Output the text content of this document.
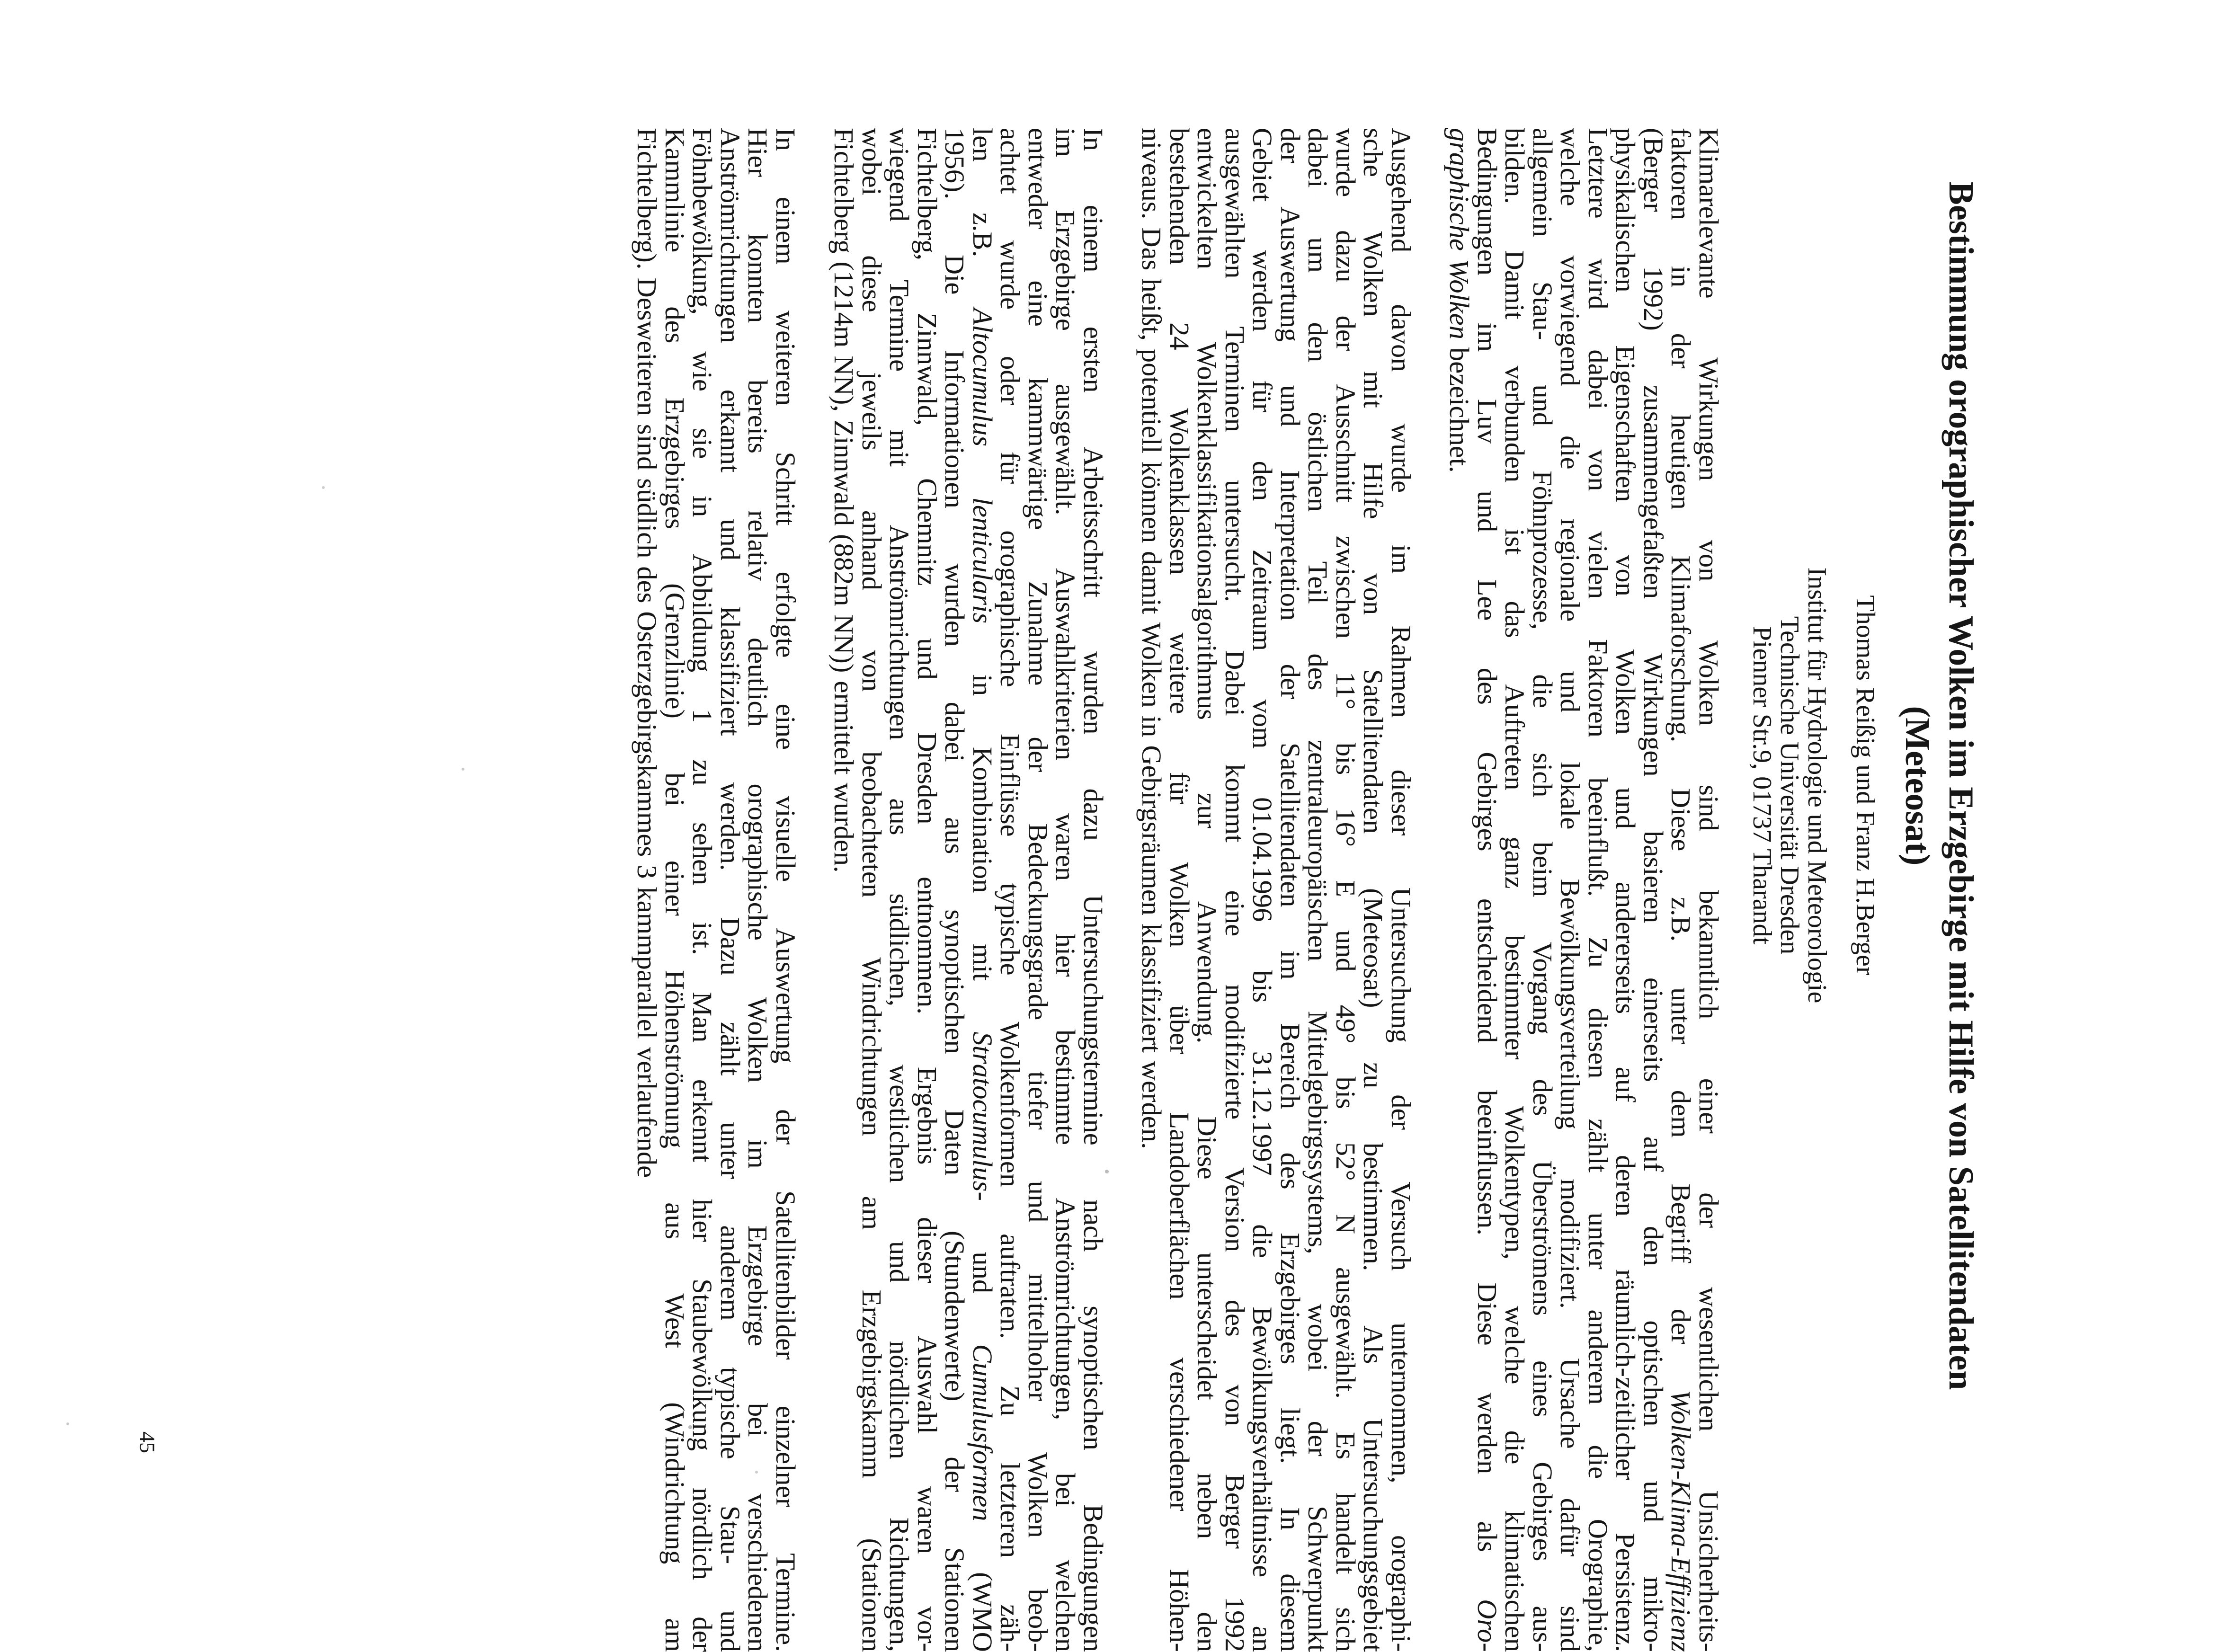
Bestimmung orographischer Wolken im Erzgebirge mit Hilfe von Satellitendaten (Meteosat)

Thomas Reißig und Franz H.Berger

Institut für Hydrologie und Meteorologie
Technische Universität Dresden
Pienner Str.9, 01737 Tharandt
Klimarelevante
Wirkungen
von
Wolken
sind
bekanntlich
einer
der
wesentlichen
Unsicherheits-
faktoren
in
der
heutigen
Klimaforschung.
Diese
z.B.
unter
dem
Begriff
der
Wolken-Klima-Effizienz
(Berger
1992)
zusammengefaßten
Wirkungen
basieren
einerseits
auf
den
optischen
und
mikro-
physikalischen
Eigenschaften
von
Wolken
und
andererseits
auf
deren
räumlich-zeitlicher
Persistenz.
Letztere
wird
dabei
von
vielen
Faktoren
beeinflußt.
Zu
diesen
zählt
unter
anderem
die
Orographie,
welche
vorwiegend
die
regionale
und
lokale
Bewölkungsverteilung
modifiziert.
Ursache
dafür
sind
allgemein
Stau-
und
Föhnprozesse,
die
sich
beim
Vorgang
des
Überströmens
eines
Gebirges
aus-
bilden.
Damit
verbunden
ist
das
Auftreten
ganz
bestimmter
Wolkentypen,
welche
die
klimatischen
Bedingungen
im
Luv
und
Lee
des
Gebirges
entscheidend
beeinflussen.
Diese
werden
als
Oro-
graphische
Wolken
bezeichnet.
Ausgehend
davon
wurde
im
Rahmen
dieser
Untersuchung
der
Versuch
unternommen,
orographi-
sche
Wolken
mit
Hilfe
von
Satellitendaten
(Meteosat)
zu
bestimmen.
Als
Untersuchungsgebiet
wurde
dazu
der
Ausschnitt
zwischen
11°
bis
16°
E
und
49°
bis
52°
N
ausgewählt.
Es
handelt
sich
dabei
um
den
östlichen
Teil
des
zentraleuropäischen
Mittelgebirgssystems,
wobei
der
Schwerpunkt
der
Auswertung
und
Interpretation
der
Satellitendaten
im
Bereich
des
Erzgebirges
liegt.
In
diesem
Gebiet
werden
für
den
Zeitraum
vom
01.04.1996
bis
31.12.1997
die
Bewölkungsverhältnisse
an
ausgewählten
Terminen
untersucht.
Dabei
kommt
eine
modifizierte
Version
des
von
Berger
1992
entwickelten
Wolkenklassifikationsalgorithmus
zur
Anwendung.
Diese
unterscheidet
neben
den
bestehenden
24
Wolkenklassen
weitere
für
Wolken
über
Landoberflächen
verschiedener
Höhen-
niveaus.
Das
heißt,
potentiell
können
damit
Wolken
in
Gebirgsräumen
klassifiziert
werden.
In
einem
ersten
Arbeitsschritt
wurden
dazu
Untersuchungstermine
nach
synoptischen
Bedingungen
im
Erzgebirge
ausgewählt.
Auswahlkriterien
waren
hier
bestimmte
Anströmrichtungen,
bei
welchen
entweder
eine
kammwärtige
Zunahme
der
Bedeckungsgrade
tiefer
und
mittelhoher
Wolken
beob-
achtet
wurde
oder
für
orographische
Einflüsse
typische
Wolkenformen
auftraten.
Zu
letzteren
zäh-
len
z.B.
Altocumulus
lenticularis
in
Kombination
mit
Stratocumulus-
und
Cumulusformen
(WMO
1956).
Die
Informationen
wurden
dabei
aus
synoptischen
Daten
(Stundenwerte)
der
Stationen
Fichtelberg,
Zinnwald,
Chemnitz
und
Dresden
entnommen.
Ergebnis
dieser
Auswahl
waren
vor-
wiegend
Termine
mit
Anströmrichtungen
aus
südlichen,
westlichen
und
nördlichen
Richtungen,
wobei
diese
jeweils
anhand
von
beobachteten
Windrichtungen
am
Erzgebirgskamm
(Stationen
Fichtelberg
(1214m
NN),
Zinnwald
(882m
NN))
ermittelt
wurden.
In
einem
weiteren
Schritt
erfolgte
eine
visuelle
Auswertung
der
Satellitenbilder
einzelner
Termine.
Hier
konnten
bereits
relativ
deutlich
orographische
Wolken
im
Erzgebirge
bei
verschiedenen
Anströmrichtungen
erkannt
und
klassifiziert
werden.
Dazu
zählt
unter
anderem
typische
Stau-
und
Föhnbewölkung,
wie
sie
in
Abbildung
1
zu
sehen
ist.
Man
erkennt
hier
Staubewölkung
nördlich
der
Kammlinie
des
Erzgebirges
(Grenzlinie)
bei
einer
Höhenströmung
aus
West
(Windrichtung
am
Fichtelberg).
Desweiteren
sind
südlich
des
Osterzgebirgskammes
3
kammparallel
verlaufende

45
